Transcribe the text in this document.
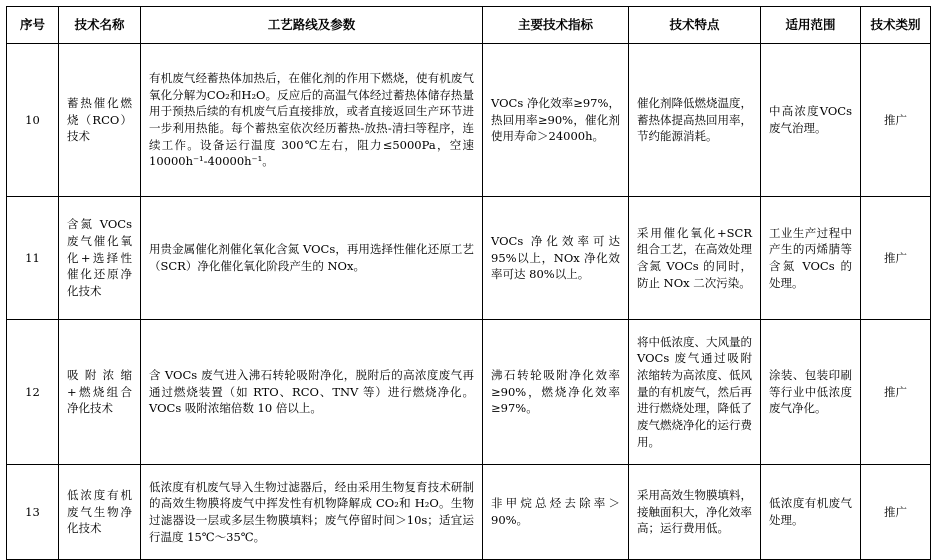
序号	技术名称	工艺路线及参数	主要技术指标	技术特点	适用范围	技术类别
10	蓄热催化燃烧（RCO）技术	有机废气经蓄热体加热后，在催化剂的作用下燃烧，使有机废气氧化分解为CO₂和H₂O。反应后的高温气体经过蓄热体储存热量用于预热后续的有机废气后直接排放，或者直接返回生产环节进一步利用热能。每个蓄热室依次经历蓄热-放热-清扫等程序，连续工作。设备运行温度 300℃左右，阻力≤5000Pa，空速10000h⁻¹-40000h⁻¹。	VOCs 净化效率≥97%，热回用率≥90%，催化剂使用寿命＞24000h。	催化剂降低燃烧温度，蓄热体提高热回用率，节约能源消耗。	中高浓度VOCs废气治理。	推广
11	含氮 VOCs 废气催化氧化+选择性催化还原净化技术	用贵金属催化剂催化氧化含氮 VOCs，再用选择性催化还原工艺（SCR）净化催化氧化阶段产生的 NOx。	VOCs 净化效率可达95%以上，NOx 净化效率可达 80%以上。	采用催化氧化+SCR 组合工艺，在高效处理含氮 VOCs 的同时，防止 NOx 二次污染。	工业生产过程中产生的丙烯腈等含氮 VOCs 的处理。	推广
12	吸附浓缩+燃烧组合净化技术	含 VOCs 废气进入沸石转轮吸附净化，脱附后的高浓度废气再通过燃烧装置（如 RTO、RCO、TNV 等）进行燃烧净化。VOCs 吸附浓缩倍数 10 倍以上。	沸石转轮吸附净化效率≥90%，燃烧净化效率≥97%。	将中低浓度、大风量的 VOCs 废气通过吸附浓缩转为高浓度、低风量的有机废气，然后再进行燃烧处理，降低了废气燃烧净化的运行费用。	涂装、包装印刷等行业中低浓度废气净化。	推广
13	低浓度有机废气生物净化技术	低浓度有机废气导入生物过滤器后，经由采用生物复育技术研制的高效生物膜将废气中挥发性有机物降解成 CO₂和 H₂O。生物过滤器设一层或多层生物膜填料；废气停留时间＞10s；适宜运行温度 15℃～35℃。	非甲烷总烃去除率＞90%。	采用高效生物膜填料，接触面积大，净化效率高；运行费用低。	低浓度有机废气处理。	推广
